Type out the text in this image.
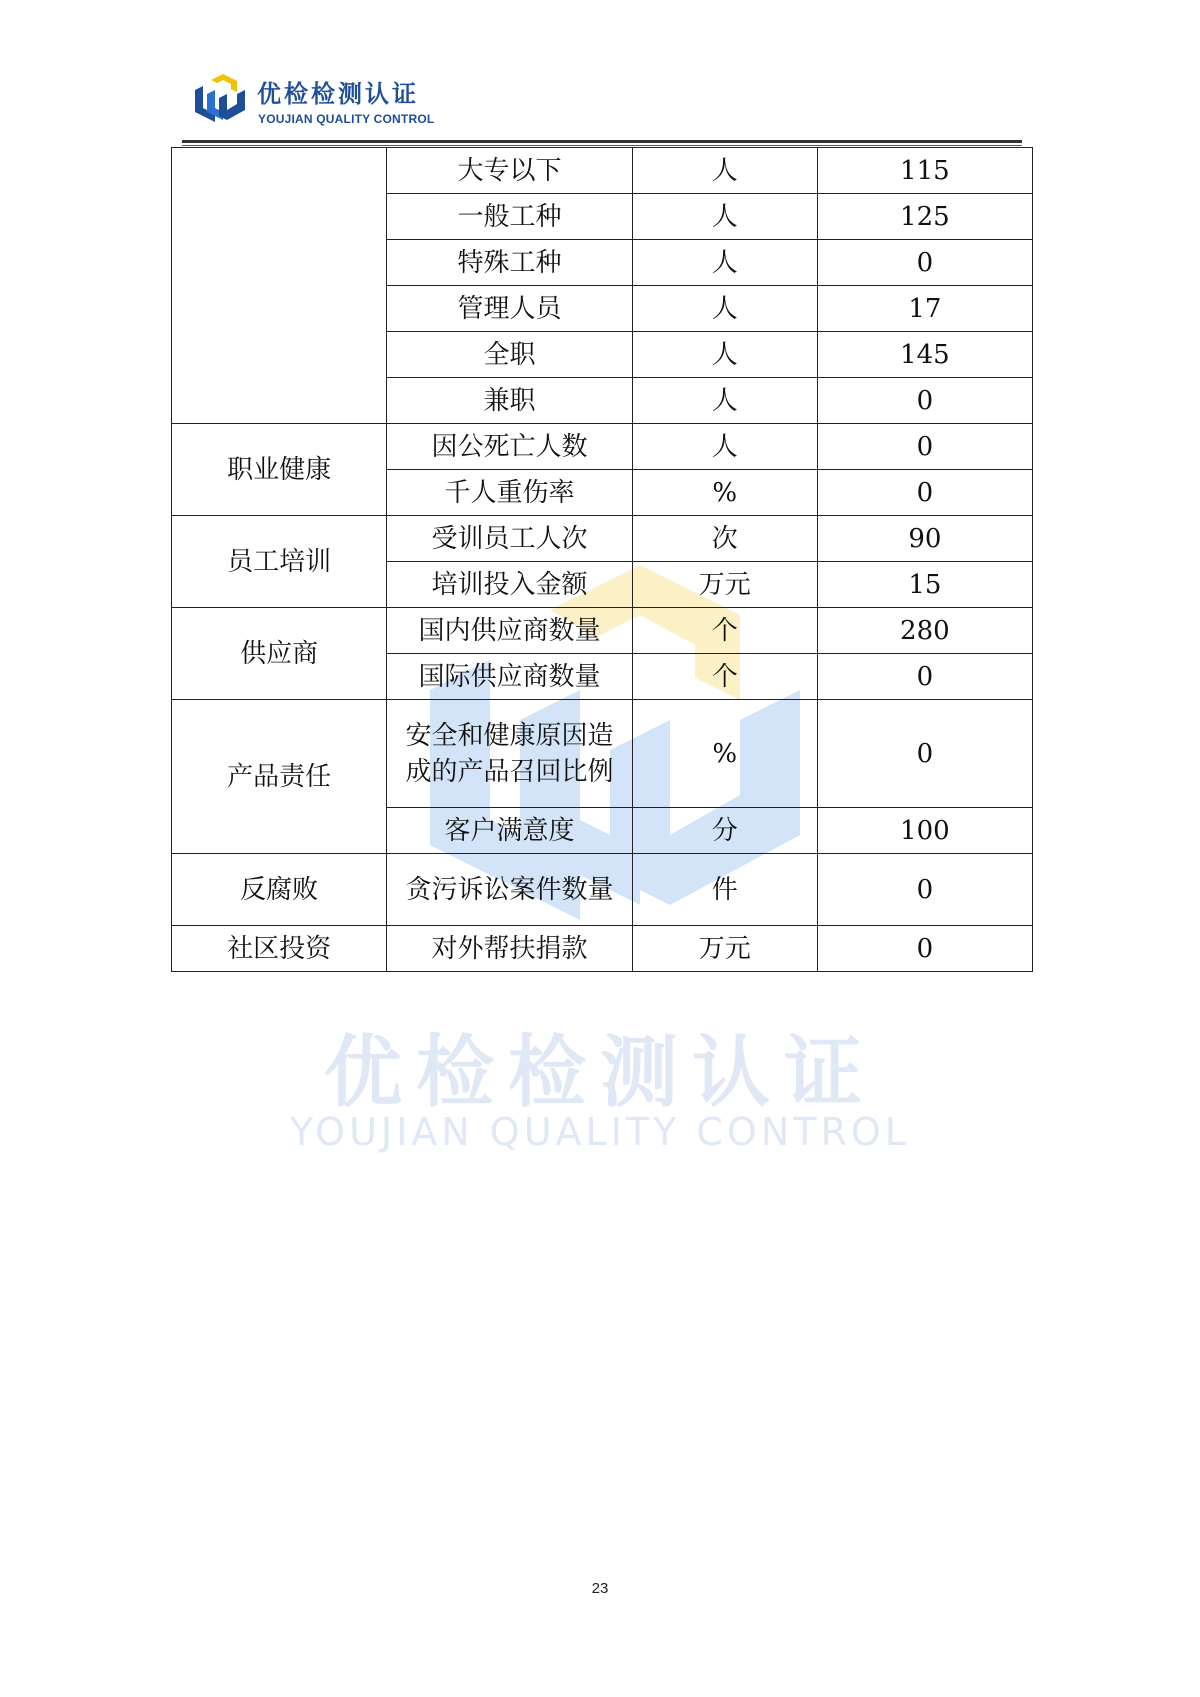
优检检测认证
YOUJIAN QUALITY CONTROL
优检检测认证
YOUJIAN QUALITY CONTROL
	大专以下	人	115
	一般工种	人	125
	特殊工种	人	0
	管理人员	人	17
	全职	人	145
	兼职	人	0
职业健康	因公死亡人数	人	0
	千人重伤率	%	0
员工培训	受训员工人次	次	90
	培训投入金额	万元	15
供应商	国内供应商数量	个	280
	国际供应商数量	个	0
产品责任	安全和健康原因造成的产品召回比例	%	0
	客户满意度	分	100
反腐败	贪污诉讼案件数量	件	0
社区投资	对外帮扶捐款	万元	0
23
